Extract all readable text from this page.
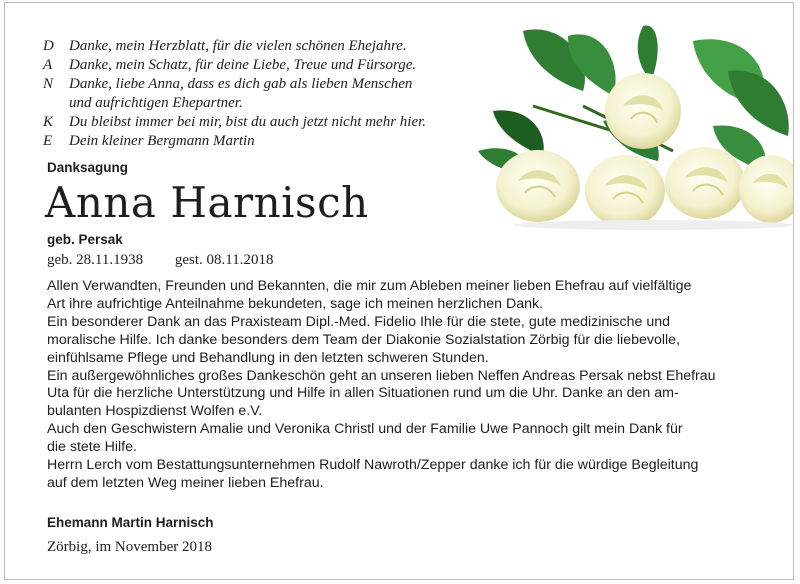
D	Danke, mein Herzblatt, für die vielen schönen Ehejahre.
A	Danke, mein Schatz, für deine Liebe, Treue und Fürsorge.
N	Danke, liebe Anna, dass es dich gab als lieben Menschen
und aufrichtigen Ehepartner.
K	Du bleibst immer bei mir, bist du auch jetzt nicht mehr hier.
E	Dein kleiner Bergmann Martin
Danksagung
Anna Harnisch
geb. Persak
geb. 28.11.1938 gest. 08.11.2018
Allen Verwandten, Freunden und Bekannten, die mir zum Ableben meiner lieben Ehefrau auf vielfältige
Art ihre aufrichtige Anteilnahme bekundeten, sage ich meinen herzlichen Dank.
Ein besonderer Dank an das Praxisteam Dipl.-Med. Fidelio Ihle für die stete, gute medizinische und
moralische Hilfe. Ich danke besonders dem Team der Diakonie Sozialstation Zörbig für die liebevolle,
einfühlsame Pflege und Behandlung in den letzten schweren Stunden.
Ein außergewöhnliches großes Dankeschön geht an unseren lieben Neffen Andreas Persak nebst Ehefrau
Uta für die herzliche Unterstützung und Hilfe in allen Situationen rund um die Uhr. Danke an den am-
bulanten Hospizdienst Wolfen e.V.
Auch den Geschwistern Amalie und Veronika Christl und der Familie Uwe Pannoch gilt mein Dank für
die stete Hilfe.
Herrn Lerch vom Bestattungsunternehmen Rudolf Nawroth/Zepper danke ich für die würdige Begleitung
auf dem letzten Weg meiner lieben Ehefrau.
Ehemann Martin Harnisch
Zörbig, im November 2018
